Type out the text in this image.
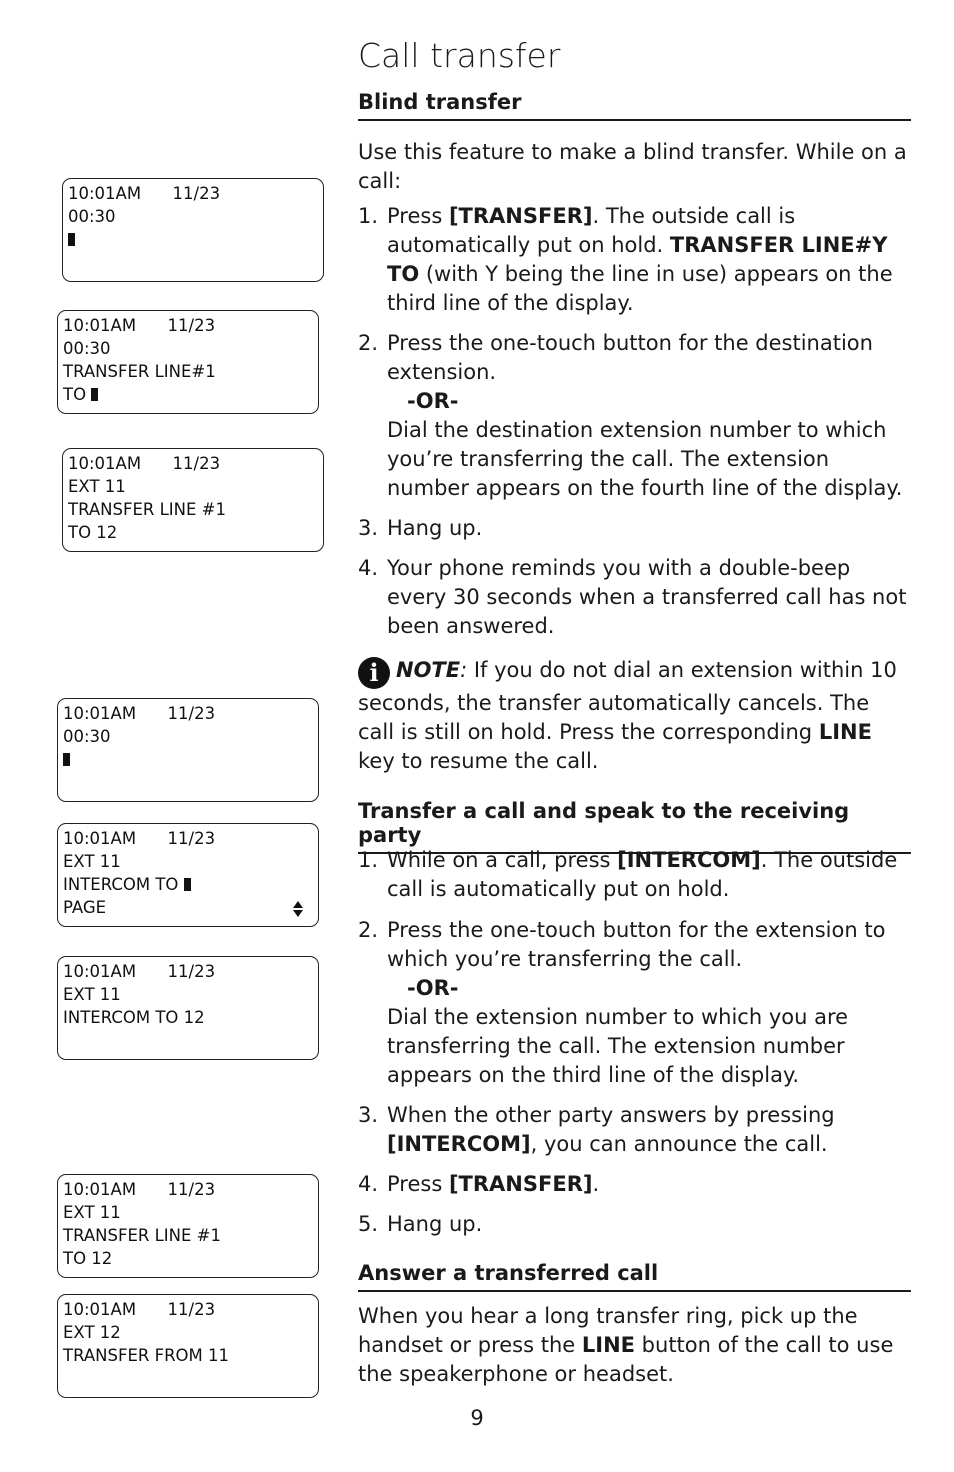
10:01AM      11/23
00:30
10:01AM      11/23
00:30
TRANSFER LINE#1
TO
10:01AM      11/23
EXT 11
TRANSFER LINE #1
TO 12
10:01AM      11/23
00:30
10:01AM      11/23
EXT 11
INTERCOM TO
PAGE
10:01AM      11/23
EXT 11
INTERCOM TO 12
10:01AM      11/23
EXT 11
TRANSFER LINE #1
TO 12
10:01AM      11/23
EXT 12
TRANSFER FROM 11
Call transfer
Blind transfer
Use this feature to make a blind transfer. While on a call:
1. Press [TRANSFER]. The outside call is automatically put on hold. TRANSFER LINE#Y TO (with Y being the line in use) appears on the third line of the display.
2. Press the one-touch button for the destination extension.
-OR-
Dial the destination extension number to which you’re transferring the call. The extension number appears on the fourth line of the display.
3. Hang up.
4. Your phone reminds you with a double-beep every 30 seconds when a transferred call has not been answered.
i NOTE: If you do not dial an extension within 10 seconds, the transfer automatically cancels. The call is still on hold. Press the corresponding LINE key to resume the call.
Transfer a call and speak to the receiving party
1. While on a call, press [INTERCOM]. The outside call is automatically put on hold.
2. Press the one-touch button for the extension to which you’re transferring the call.
-OR-
Dial the extension number to which you are transferring the call. The extension number appears on the third line of the display.
3. When the other party answers by pressing [INTERCOM], you can announce the call.
4. Press [TRANSFER].
5. Hang up.
Answer a transferred call
When you hear a long transfer ring, pick up the handset or press the LINE button of the call to use the speakerphone or headset.
9
